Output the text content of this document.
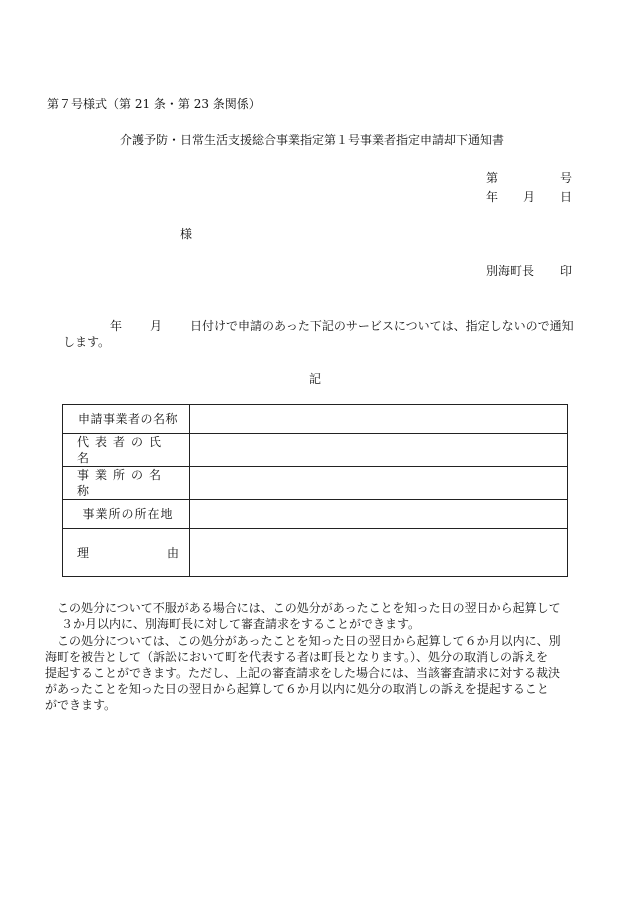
第７号様式（第 21 条・第 23 条関係）
介護予防・日常生活支援総合事業指定第１号事業者指定申請却下通知書
第	号
年 月 日
様
別海町長 印
年 月 日付けで申請のあった下記のサービスについては、指定しないので通知
します。
記
申請事業者の名称	

代表者の氏名	

事業所の名称	

事業所の所在地	

理 由	

この処分について不服がある場合には、この処分があったことを知った日の翌日から起算して
３か月以内に、別海町長に対して審査請求をすることができます。

この処分については、この処分があったことを知った日の翌日から起算して６か月以内に、別
海町を被告として（訴訟において町を代表する者は町長となります。）、処分の取消しの訴えを
提起することができます。ただし、上記の審査請求をした場合には、当該審査請求に対する裁決
があったことを知った日の翌日から起算して６か月以内に処分の取消しの訴えを提起すること
ができます。
